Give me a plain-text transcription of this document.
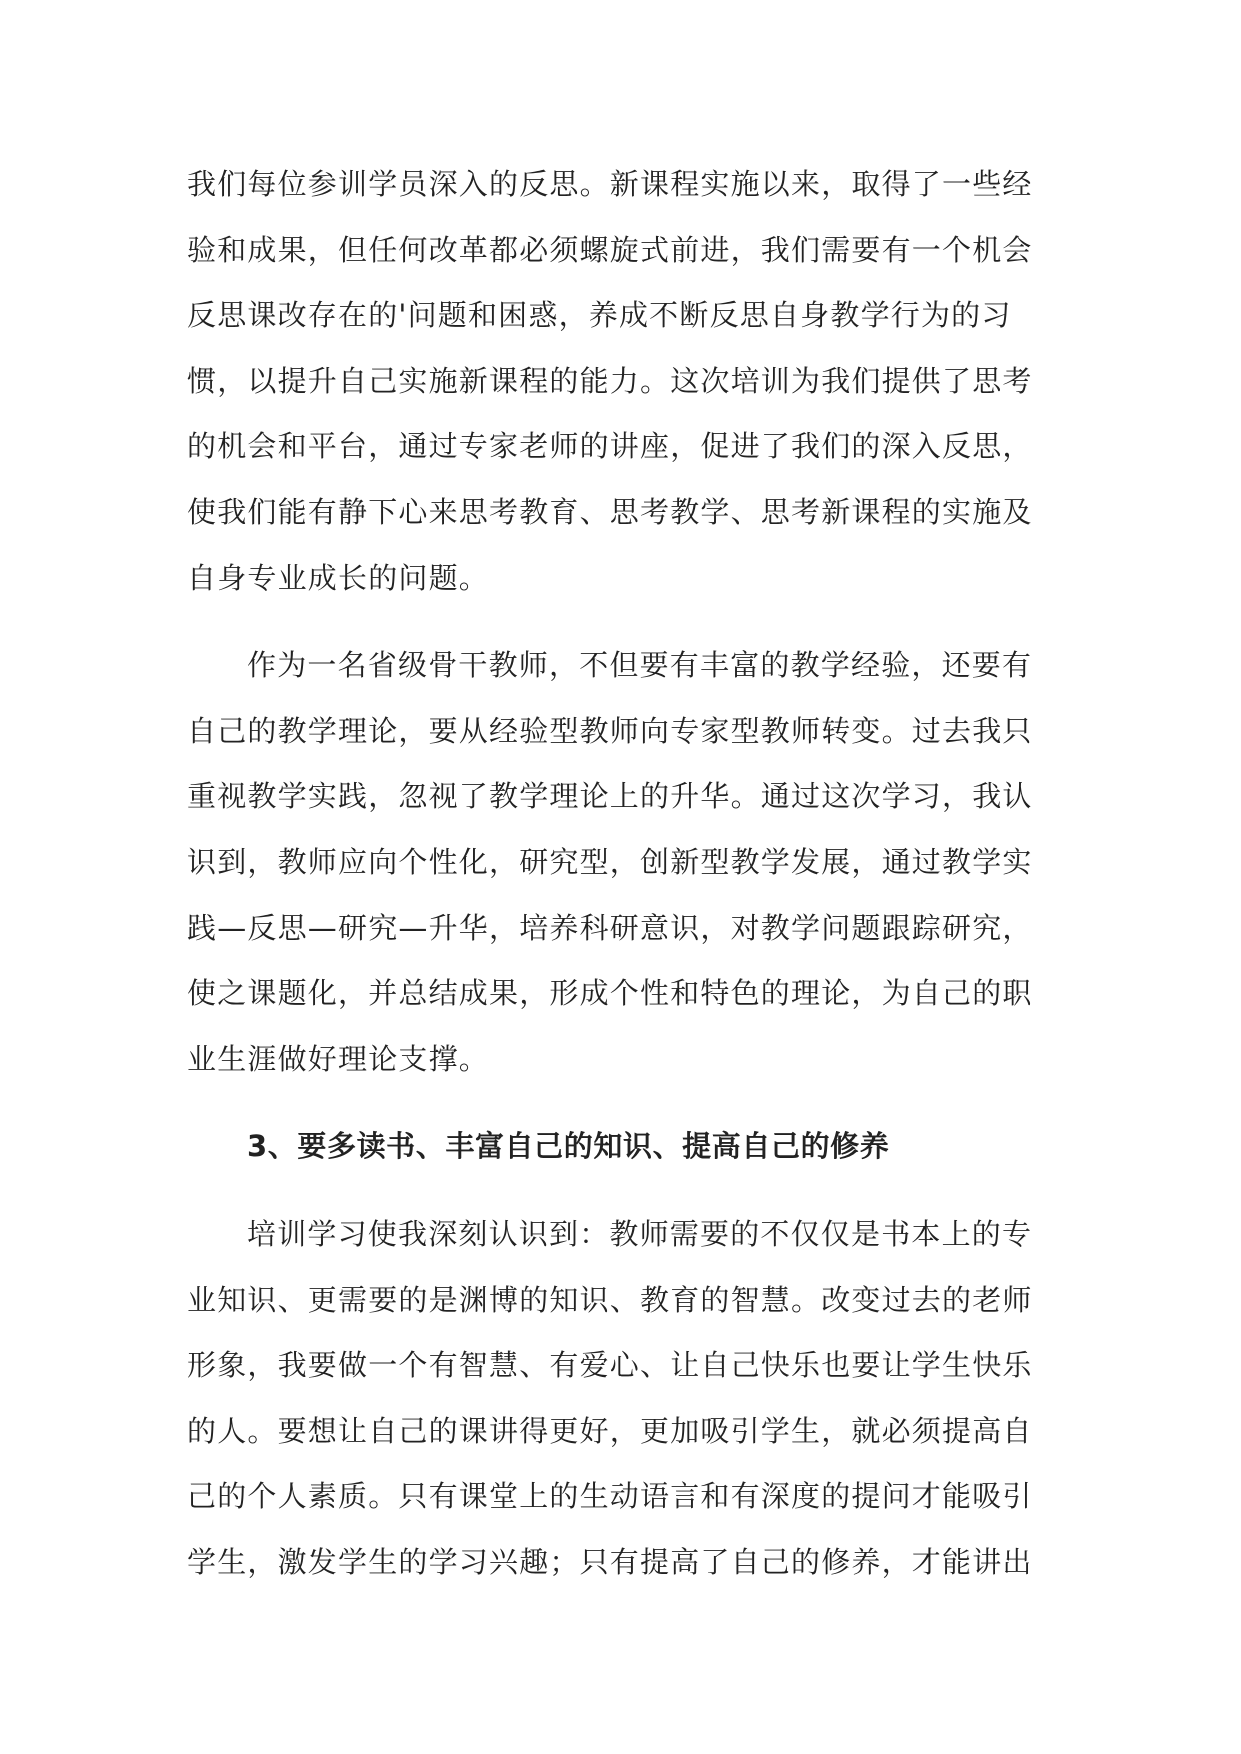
我们每位参训学员深入的反思。新课程实施以来，取得了一些经
验和成果，但任何改革都必须螺旋式前进，我们需要有一个机会
反思课改存在的'问题和困惑，养成不断反思自身教学行为的习
惯，以提升自己实施新课程的能力。这次培训为我们提供了思考
的机会和平台，通过专家老师的讲座，促进了我们的深入反思，
使我们能有静下心来思考教育、思考教学、思考新课程的实施及
自身专业成长的问题。
作为一名省级骨干教师，不但要有丰富的教学经验，还要有
自己的教学理论，要从经验型教师向专家型教师转变。过去我只
重视教学实践，忽视了教学理论上的升华。通过这次学习，我认
识到，教师应向个性化，研究型，创新型教学发展，通过教学实
践—反思—研究—升华，培养科研意识，对教学问题跟踪研究，
使之课题化，并总结成果，形成个性和特色的理论，为自己的职
业生涯做好理论支撑。
3、要多读书、丰富自己的知识、提高自己的修养
培训学习使我深刻认识到：教师需要的不仅仅是书本上的专
业知识、更需要的是渊博的知识、教育的智慧。改变过去的老师
形象，我要做一个有智慧、有爱心、让自己快乐也要让学生快乐
的人。要想让自己的课讲得更好，更加吸引学生，就必须提高自
己的个人素质。只有课堂上的生动语言和有深度的提问才能吸引
学生，激发学生的学习兴趣；只有提高了自己的修养，才能讲出
